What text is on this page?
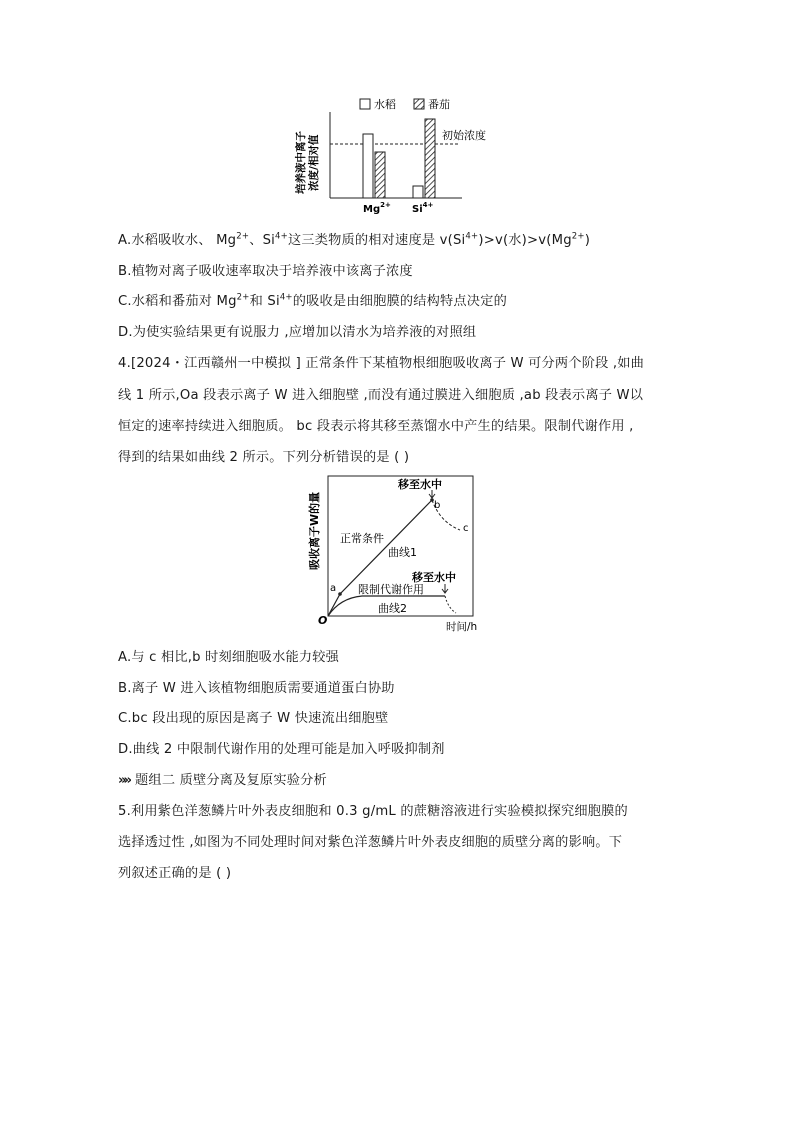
水稻	番茄
培养液中离子 浓度/相对值	初始浓度
$Mg^{2+}$ $Si^{4+}$
A.水稻吸收水、 $Mg^{2+}$、$Si^{4+}$这三类物质的相对速度是 $v(Si^{4+})>v$(水)$>v(Mg^{2+})$
B.植物对离子吸收速率取决于培养液中该离子浓度
C.水稻和番茄对 $Mg^{2+}$和 $Si^{4+}$的吸收是由细胞膜的结构特点决定的
D.为使实验结果更有说服力 ,应增加以清水为培养液的对照组
4.[2024・江西赣州一中模拟 ] 正常条件下某植物根细胞吸收离子 W 可分两个阶段 ,如曲
线 1 所示,Oa 段表示离子 W 进入细胞壁 ,而没有通过膜进入细胞质 ,ab 段表示离子 W以
恒定的速率持续进入细胞质。 bc 段表示将其移至蒸馏水中产生的结果。限制代谢作用 ,
得到的结果如曲线 2 所示。下列分析错误的是 ( )
吸收离子W的量
O	时间/h
b
c
a
移至水中
正常条件
曲线1
移至水中
限制代谢作用
曲线2
A.与 c 相比,b 时刻细胞吸水能力较强
B.离子 W 进入该植物细胞质需要通道蛋白协助
C.bc 段出现的原因是离子 W 快速流出细胞壁
D.曲线 2 中限制代谢作用的处理可能是加入呼吸抑制剂
»» 题组二 质壁分离及复原实验分析
5.利用紫色洋葱鳞片叶外表皮细胞和 0.3 g/mL 的蔗糖溶液进行实验模拟探究细胞膜的
选择透过性 ,如图为不同处理时间对紫色洋葱鳞片叶外表皮细胞的质壁分离的影响。下
列叙述正确的是 ( )
